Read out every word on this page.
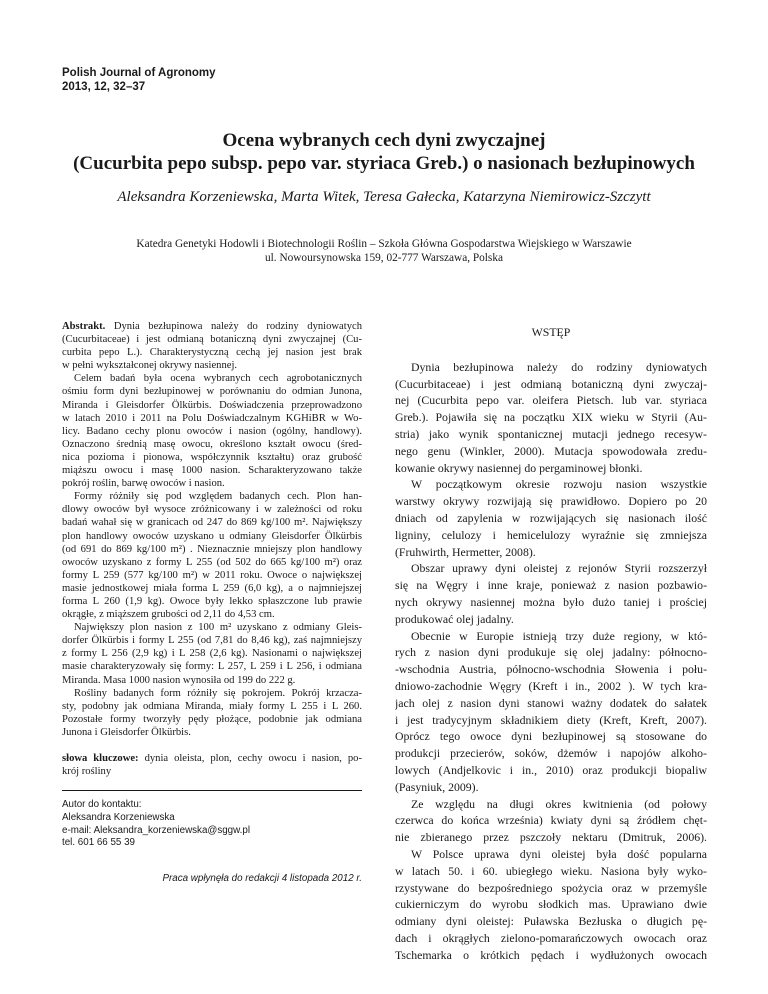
Polish Journal of Agronomy
2013, 12, 32–37
Ocena wybranych cech dyni zwyczajnej
(Cucurbita pepo subsp. pepo var. styriaca Greb.) o nasionach bezłupinowych
Aleksandra Korzeniewska, Marta Witek, Teresa Gałecka, Katarzyna Niemirowicz-Szczytt
Katedra Genetyki Hodowli i Biotechnologii Roślin – Szkoła Główna Gospodarstwa Wiejskiego w Warszawie
ul. Nowoursynowska 159, 02-777 Warszawa, Polska
Abstrakt. Dynia bezłupinowa należy do rodziny dyniowatych
(Cucurbitaceae) i jest odmianą botaniczną dyni zwyczajnej (Cu-
curbita pepo L.). Charakterystyczną cechą jej nasion jest brak
w pełni wykształconej okrywy nasiennej.
Celem badań była ocena wybranych cech agrobotanicznych
ośmiu form dyni bezłupinowej w porównaniu do odmian Junona,
Miranda i Gleisdorfer Ölkürbis. Doświadczenia przeprowadzono
w latach 2010 i 2011 na Polu Doświadczalnym KGHiBR w Wo-
licy. Badano cechy plonu owoców i nasion (ogólny, handlowy).
Oznaczono średnią masę owocu, określono kształt owocu (śred-
nica pozioma i pionowa, współczynnik kształtu) oraz grubość
miąższu owocu i masę 1000 nasion. Scharakteryzowano także
pokrój roślin, barwę owoców i nasion.
Formy różniły się pod względem badanych cech. Plon han-
dlowy owoców był wysoce zróżnicowany i w zależności od roku
badań wahał się w granicach od 247 do 869 kg/100 m². Największy
plon handlowy owoców uzyskano u odmiany Gleisdorfer Ölkürbis
(od 691 do 869 kg/100 m²) . Nieznacznie mniejszy plon handlowy
owoców uzyskano z formy L 255 (od 502 do 665 kg/100 m²) oraz
formy L 259 (577 kg/100 m²) w 2011 roku. Owoce o największej
masie jednostkowej miała forma L 259 (6,0 kg), a o najmniejszej
forma L 260 (1,9 kg). Owoce były lekko spłaszczone lub prawie
okrągłe, z miąższem grubości od 2,11 do 4,53 cm.
Największy plon nasion z 100 m² uzyskano z odmiany Gleis-
dorfer Ölkürbis i formy L 255 (od 7,81 do 8,46 kg), zaś najmniejszy
z formy L 256 (2,9 kg) i L 258 (2,6 kg). Nasionami o największej
masie charakteryzowały się formy: L 257, L 259 i L 256, i odmiana
Miranda. Masa 1000 nasion wynosiła od 199 do 222 g.
Rośliny badanych form różniły się pokrojem. Pokrój krzacza-
sty, podobny jak odmiana Miranda, miały formy L 255 i L 260.
Pozostałe formy tworzyły pędy płożące, podobnie jak odmiana
Junona i Gleisdorfer Ölkürbis.
słowa kluczowe: dynia oleista, plon, cechy owocu i nasion, po-
krój rośliny
Autor do kontaktu:
Aleksandra Korzeniewska
e-mail: Aleksandra_korzeniewska@sggw.pl
tel. 601 66 55 39
Praca wpłynęła do redakcji 4 listopada 2012 r.
WSTĘP
Dynia bezłupinowa należy do rodziny dyniowatych
(Cucurbitaceae) i jest odmianą botaniczną dyni zwyczaj-
nej (Cucurbita pepo var. oleifera Pietsch. lub var. styriaca
Greb.). Pojawiła się na początku XIX wieku w Styrii (Au-
stria) jako wynik spontanicznej mutacji jednego recesyw-
nego genu (Winkler, 2000). Mutacja spowodowała zredu-
kowanie okrywy nasiennej do pergaminowej błonki.
W początkowym okresie rozwoju nasion wszystkie
warstwy okrywy rozwijają się prawidłowo. Dopiero po 20
dniach od zapylenia w rozwijających się nasionach ilość
ligniny, celulozy i hemicelulozy wyraźnie się zmniejsza
(Fruhwirth, Hermetter, 2008).
Obszar uprawy dyni oleistej z rejonów Styrii rozszerzył
się na Węgry i inne kraje, ponieważ z nasion pozbawio-
nych okrywy nasiennej można było dużo taniej i prościej
produkować olej jadalny.
Obecnie w Europie istnieją trzy duże regiony, w któ-
rych z nasion dyni produkuje się olej jadalny: północno-
-wschodnia Austria, północno-wschodnia Słowenia i połu-
dniowo-zachodnie Węgry (Kreft i in., 2002 ). W tych kra-
jach olej z nasion dyni stanowi ważny dodatek do sałatek
i jest tradycyjnym składnikiem diety (Kreft, Kreft, 2007).
Oprócz tego owoce dyni bezłupinowej są stosowane do
produkcji przecierów, soków, dżemów i napojów alkoho-
lowych (Andjelkovic i in., 2010) oraz produkcji biopaliw
(Pasyniuk, 2009).
Ze względu na długi okres kwitnienia (od połowy
czerwca do końca września) kwiaty dyni są źródłem chęt-
nie zbieranego przez pszczoły nektaru (Dmitruk, 2006).
W Polsce uprawa dyni oleistej była dość popularna
w latach 50. i 60. ubiegłego wieku. Nasiona były wyko-
rzystywane do bezpośredniego spożycia oraz w przemyśle
cukierniczym do wyrobu słodkich mas. Uprawiano dwie
odmiany dyni oleistej: Puławska Bezłuska o długich pę-
dach i okrągłych zielono-pomarańczowych owocach oraz
Tschemarka o krótkich pędach i wydłużonych owocach
